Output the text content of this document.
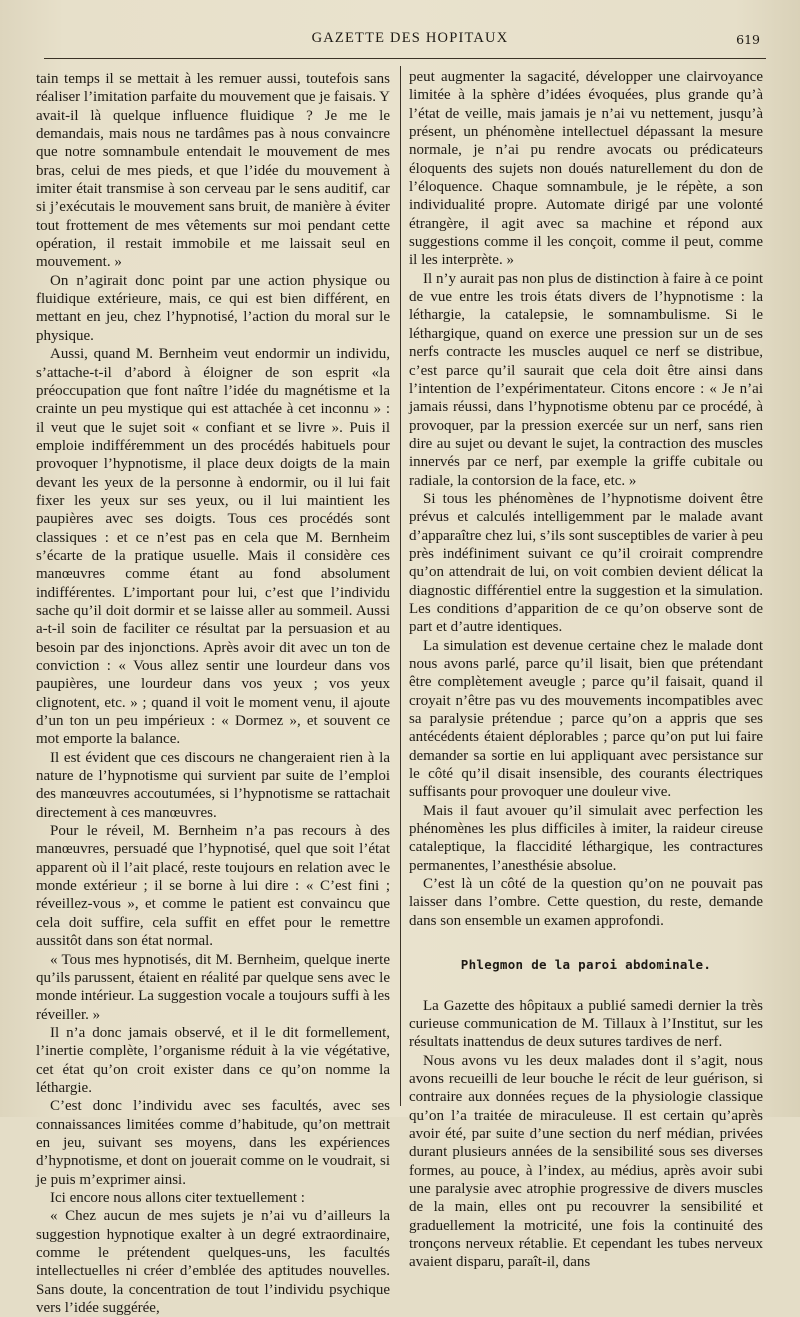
GAZETTE DES HOPITAUX	619

tain temps il se mettait à les remuer aussi, toutefois sans réaliser l’imitation parfaite du mouvement que je faisais. Y avait-il là quelque influence fluidique ? Je me le demandais, mais nous ne tardâmes pas à nous convaincre que notre somnambule entendait le mouvement de mes bras, celui de mes pieds, et que l’idée du mouvement à imiter était transmise à son cerveau par le sens auditif, car si j’exécutais le mouvement sans bruit, de manière à éviter tout frottement de mes vêtements sur moi pendant cette opération, il restait immobile et me laissait seul en mouvement. »

On n’agirait donc point par une action physique ou fluidique extérieure, mais, ce qui est bien différent, en mettant en jeu, chez l’hypnotisé, l’action du moral sur le physique.

Aussi, quand M. Bernheim veut endormir un individu, s’attache-t-il d’abord à éloigner de son esprit «la préoccupation que font naître l’idée du magnétisme et la crainte un peu mystique qui est attachée à cet inconnu » : il veut que le sujet soit « confiant et se livre ». Puis il emploie indifféremment un des procédés habituels pour provoquer l’hypnotisme, il place deux doigts de la main devant les yeux de la personne à endormir, ou il lui fait fixer les yeux sur ses yeux, ou il lui maintient les paupières avec ses doigts. Tous ces procédés sont classiques : et ce n’est pas en cela que M. Bernheim s’écarte de la pratique usuelle. Mais il considère ces manœuvres comme étant au fond absolument indifférentes. L’important pour lui, c’est que l’individu sache qu’il doit dormir et se laisse aller au sommeil. Aussi a-t-il soin de faciliter ce résultat par la persuasion et au besoin par des injonctions. Après avoir dit avec un ton de conviction : « Vous allez sentir une lourdeur dans vos paupières, une lourdeur dans vos yeux ; vos yeux clignotent, etc. » ; quand il voit le moment venu, il ajoute d’un ton un peu impérieux : « Dormez », et souvent ce mot emporte la balance.

Il est évident que ces discours ne changeraient rien à la nature de l’hypnotisme qui survient par suite de l’emploi des manœuvres accoutumées, si l’hypnotisme se rattachait directement à ces manœuvres.

Pour le réveil, M. Bernheim n’a pas recours à des manœuvres, persuadé que l’hypnotisé, quel que soit l’état apparent où il l’ait placé, reste toujours en relation avec le monde extérieur ; il se borne à lui dire : « C’est fini ; réveillez-vous », et comme le patient est convaincu que cela doit suffire, cela suffit en effet pour le remettre aussitôt dans son état normal.

« Tous mes hypnotisés, dit M. Bernheim, quelque inerte qu’ils parussent, étaient en réalité par quelque sens avec le monde intérieur. La suggestion vocale a toujours suffi à les réveiller. »

Il n’a donc jamais observé, et il le dit formellement, l’inertie complète, l’organisme réduit à la vie végétative, cet état qu’on croit exister dans ce qu’on nomme la léthargie.

C’est donc l’individu avec ses facultés, avec ses connaissances limitées comme d’habitude, qu’on mettrait en jeu, suivant ses moyens, dans les expériences d’hypnotisme, et dont on jouerait comme on le voudrait, si je puis m’exprimer ainsi.

Ici encore nous allons citer textuellement :

« Chez aucun de mes sujets je n’ai vu d’ailleurs la suggestion hypnotique exalter à un degré extraordinaire, comme le prétendent quelques-uns, les facultés intellectuelles ni créer d’emblée des aptitudes nouvelles. Sans doute, la concentration de tout l’individu psychique vers l’idée suggérée,

peut augmenter la sagacité, développer une clairvoyance limitée à la sphère d’idées évoquées, plus grande qu’à l’état de veille, mais jamais je n’ai vu nettement, jusqu’à présent, un phénomène intellectuel dépassant la mesure normale, je n’ai pu rendre avocats ou prédicateurs éloquents des sujets non doués naturellement du don de l’éloquence. Chaque somnambule, je le répète, a son individualité propre. Automate dirigé par une volonté étrangère, il agit avec sa machine et répond aux suggestions comme il les conçoit, comme il peut, comme il les interprète. »

Il n’y aurait pas non plus de distinction à faire à ce point de vue entre les trois états divers de l’hypnotisme : la léthargie, la catalepsie, le somnambulisme. Si le léthargique, quand on exerce une pression sur un de ses nerfs contracte les muscles auquel ce nerf se distribue, c’est parce qu’il saurait que cela doit être ainsi dans l’intention de l’expérimentateur. Citons encore : « Je n’ai jamais réussi, dans l’hypnotisme obtenu par ce procédé, à provoquer, par la pression exercée sur un nerf, sans rien dire au sujet ou devant le sujet, la contraction des muscles innervés par ce nerf, par exemple la griffe cubitale ou radiale, la contorsion de la face, etc. »

Si tous les phénomènes de l’hypnotisme doivent être prévus et calculés intelligemment par le malade avant d’apparaître chez lui, s’ils sont susceptibles de varier à peu près indéfiniment suivant ce qu’il croirait comprendre qu’on attendrait de lui, on voit combien devient délicat la diagnostic différentiel entre la suggestion et la simulation. Les conditions d’apparition de ce qu’on observe sont de part et d’autre identiques.

La simulation est devenue certaine chez le malade dont nous avons parlé, parce qu’il lisait, bien que prétendant être complètement aveugle ; parce qu’il faisait, quand il croyait n’être pas vu des mouvements incompatibles avec sa paralysie prétendue ; parce qu’on a appris que ses antécédents étaient déplorables ; parce qu’on put lui faire demander sa sortie en lui appliquant avec persistance sur le côté qu’il disait insensible, des courants électriques suffisants pour provoquer une douleur vive.

Mais il faut avouer qu’il simulait avec perfection les phénomènes les plus difficiles à imiter, la raideur cireuse cataleptique, la flaccidité léthargique, les contractures permanentes, l’anesthésie absolue.

C’est là un côté de la question qu’on ne pouvait pas laisser dans l’ombre. Cette question, du reste, demande dans son ensemble un examen approfondi.

Phlegmon de la paroi abdominale.

La Gazette des hôpitaux a publié samedi dernier la très curieuse communication de M. Tillaux à l’Institut, sur les résultats inattendus de deux sutures tardives de nerf.

Nous avons vu les deux malades dont il s’agit, nous avons recueilli de leur bouche le récit de leur guérison, si contraire aux données reçues de la physiologie classique qu’on l’a traitée de miraculeuse. Il est certain qu’après avoir été, par suite d’une section du nerf médian, privées durant plusieurs années de la sensibilité sous ses diverses formes, au pouce, à l’index, au médius, après avoir subi une paralysie avec atrophie progressive de divers muscles de la main, elles ont pu recouvrer la sensibilité et graduellement la motricité, une fois la continuité des tronçons nerveux rétablie. Et cependant les tubes nerveux avaient disparu, paraît-il, dans
